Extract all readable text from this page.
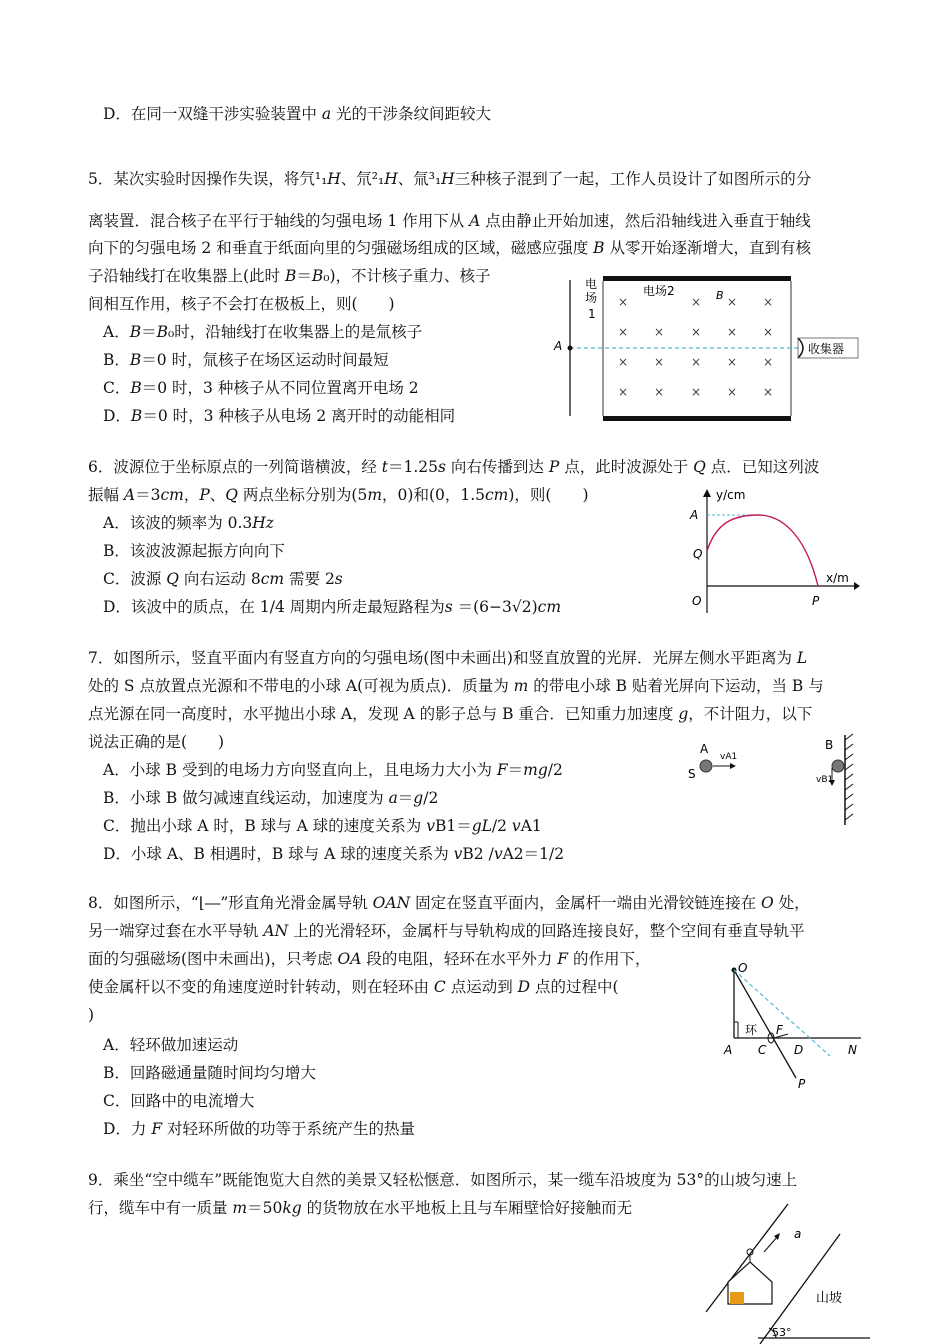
D．在同一双缝干涉实验装置中 𝑎 光的干涉条纹间距较大
5．某次实验时因操作失误，将氕¹₁𝐻、氘²₁𝐻、氚³₁𝐻三种核子混到了一起，工作人员设计了如图所示的分
离装置．混合核子在平行于轴线的匀强电场 1 作用下从 𝐴 点由静止开始加速，然后沿轴线进入垂直于轴线
向下的匀强电场 2 和垂直于纸面向里的匀强磁场组成的区域，磁感应强度 𝐵 从零开始逐渐增大，直到有核
子沿轴线打在收集器上(此时 𝐵＝𝐵₀)，不计核子重力、核子
间相互作用，核子不会打在极板上，则(　　)
A．𝐵＝𝐵₀时，沿轴线打在收集器上的是氚核子
B．𝐵＝0 时，氚核子在场区运动时间最短
C．𝐵＝0 时，3 种核子从不同位置离开电场 2
D．𝐵＝0 时，3 种核子从电场 2 离开时的动能相同
电
场
1
电场2	B
×	× × ×
× × × × ×
× × × × ×
× × × × ×
A	收集器
6．波源位于坐标原点的一列简谐横波，经 𝑡＝1.25𝑠 向右传播到达 𝑃 点，此时波源处于 𝑄 点．已知这列波
振幅 𝐴＝3𝑐𝑚，𝑃、𝑄 两点坐标分别为(5𝑚，0)和(0，1.5𝑐𝑚)，则(　　)
A．该波的频率为 0.3𝐻𝑧
B．该波波源起振方向向下
C．波源 𝑄 向右运动 8𝑐𝑚 需要 2𝑠
D．该波中的质点，在 1/4 周期内所走最短路程为𝑠 ＝(6−3√2)𝑐𝑚
y/cm
x/m
A
Q
O	P
7．如图所示，竖直平面内有竖直方向的匀强电场(图中未画出)和竖直放置的光屏．光屏左侧水平距离为 𝐿
处的 S 点放置点光源和不带电的小球 A(可视为质点)．质量为 𝑚 的带电小球 B 贴着光屏向下运动，当 B 与
点光源在同一高度时，水平抛出小球 A，发现 A 的影子总与 B 重合．已知重力加速度 𝑔，不计阻力，以下
说法正确的是(　　)
A．小球 B 受到的电场力方向竖直向上，且电场力大小为 𝐹＝𝑚𝑔/2
B．小球 B 做匀减速直线运动，加速度为 𝑎＝𝑔/2
C．抛出小球 A 时，B 球与 A 球的速度关系为 𝑣B1＝𝑔𝐿/2 𝑣A1
D．小球 A、B 相遇时，B 球与 A 球的速度关系为 𝑣B2 /𝑣A2＝1/2
A
S
vA1
B
vB1
8．如图所示，“⌊⎯⎯”形直角光滑金属导轨 𝑂𝐴𝑁 固定在竖直平面内，金属杆一端由光滑铰链连接在 𝑂 处，
另一端穿过套在水平导轨 𝐴𝑁 上的光滑轻环，金属杆与导轨构成的回路连接良好，整个空间有垂直导轨平
面的匀强磁场(图中未画出)，只考虑 𝑂𝐴 段的电阻，轻环在水平外力 𝐹 的作用下，
使金属杆以不变的角速度逆时针转动，则在轻环由 𝐶 点运动到 𝐷 点的过程中(
)
A．轻环做加速运动
B．回路磁通量随时间均匀增大
C．回路中的电流增大
D．力 𝐹 对轻环所做的功等于系统产生的热量
O
环 F
A C D	N
P
9．乘坐“空中缆车”既能饱览大自然的美景又轻松惬意．如图所示，某一缆车沿坡度为 53°的山坡匀速上
行，缆车中有一质量 𝑚＝50𝑘𝑔 的货物放在水平地板上且与车厢壁恰好接触而无
a
山坡
53°
